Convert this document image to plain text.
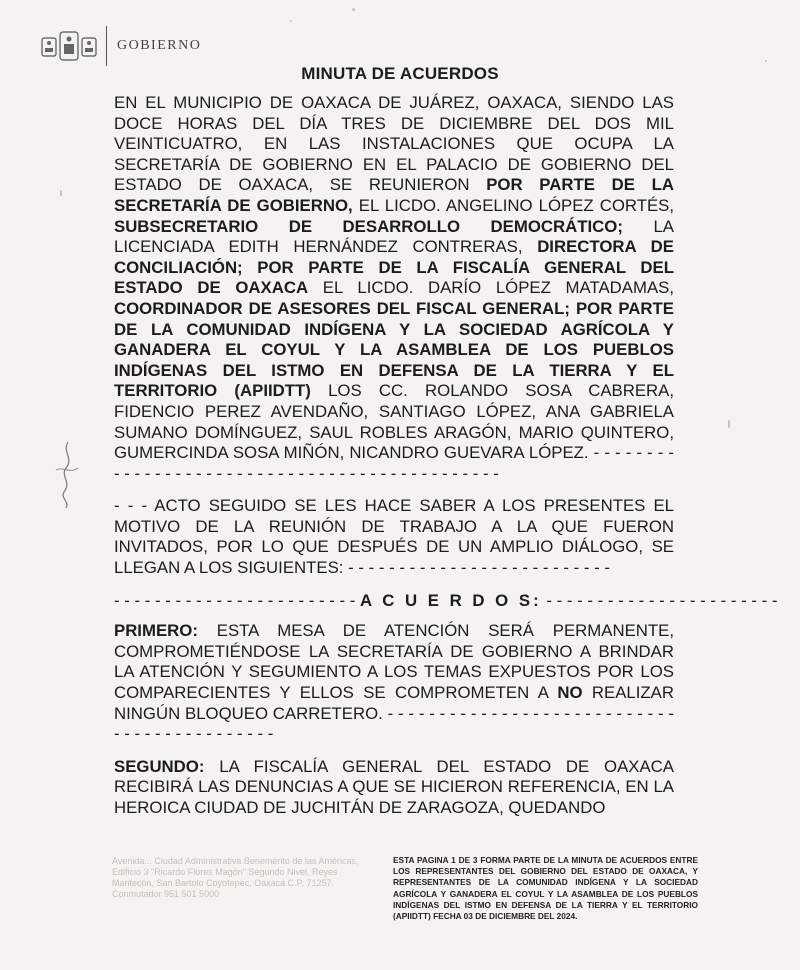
GOBIERNO
MINUTA DE ACUERDOS

EN EL MUNICIPIO DE OAXACA DE JUÁREZ, OAXACA, SIENDO LAS DOCE HORAS DEL DÍA TRES DE DICIEMBRE DEL DOS MIL VEINTICUATRO, EN LAS INSTALACIONES QUE OCUPA LA SECRETARÍA DE GOBIERNO EN EL PALACIO DE GOBIERNO DEL ESTADO DE OAXACA, SE REUNIERON POR PARTE DE LA SECRETARÍA DE GOBIERNO, EL LICDO. ANGELINO LÓPEZ CORTÉS, SUBSECRETARIO DE DESARROLLO DEMOCRÁTICO; LA LICENCIADA EDITH HERNÁNDEZ CONTRERAS, DIRECTORA DE CONCILIACIÓN; POR PARTE DE LA FISCALÍA GENERAL DEL ESTADO DE OAXACA EL LICDO. DARÍO LÓPEZ MATADAMAS, COORDINADOR DE ASESORES DEL FISCAL GENERAL; POR PARTE DE LA COMUNIDAD INDÍGENA Y LA SOCIEDAD AGRÍCOLA Y GANADERA EL COYUL Y LA ASAMBLEA DE LOS PUEBLOS INDÍGENAS DEL ISTMO EN DEFENSA DE LA TIERRA Y EL TERRITORIO (APIIDTT) LOS CC. ROLANDO SOSA CABRERA, FIDENCIO PEREZ AVENDAÑO, SANTIAGO LÓPEZ, ANA GABRIELA SUMANO DOMÍNGUEZ, SAUL ROBLES ARAGÓN, MARIO QUINTERO, GUMERCINDA SOSA MIÑÓN, NICANDRO GUEVARA LÓPEZ. - - - - - - - - - - - - - - - - - - - - - - - - - - - - - - - - - - - - - - - - - - - - - -

- - - ACTO SEGUIDO SE LES HACE SABER A LOS PRESENTES EL MOTIVO DE LA REUNIÓN DE TRABAJO A LA QUE FUERON INVITADOS, POR LO QUE DESPUÉS DE UN AMPLIO DIÁLOGO, SE LLEGAN A LOS SIGUIENTES: - - - - - - - - - - - - - - - - - - - - - - - - - -

- - - - - - - - - - - - - - - - - - - - - - - - A C U E R D O S: - - - - - - - - - - - - - - - - - - - - - - -

PRIMERO: ESTA MESA DE ATENCIÓN SERÁ PERMANENTE, COMPROMETIÉNDOSE LA SECRETARÍA DE GOBIERNO A BRINDAR LA ATENCIÓN Y SEGUMIENTO A LOS TEMAS EXPUESTOS POR LOS COMPARECIENTES Y ELLOS SE COMPROMETEN A NO REALIZAR NINGÚN BLOQUEO CARRETERO. - - - - - - - - - - - - - - - - - - - - - - - - - - - - - - - - - - - - - - - - - - - -

SEGUNDO: LA FISCALÍA GENERAL DEL ESTADO DE OAXACA RECIBIRÁ LAS DENUNCIAS A QUE SE HICIERON REFERENCIA, EN LA HEROICA CIUDAD DE JUCHITÁN DE ZARAGOZA, QUEDANDO

Avenida... Ciudad Administrativa Benemérito de las Américas, Edificio 3 "Ricardo Flores Magón" Segundo Nivel, Reyes Mantecón, San Bartolo Coyotepec, Oaxaca C.P. 71257. Conmutador 951 501 5000
ESTA PAGINA 1 DE 3 FORMA PARTE DE LA MINUTA DE ACUERDOS ENTRE LOS REPRESENTANTES DEL GOBIERNO DEL ESTADO DE OAXACA, Y REPRESENTANTES DE LA COMUNIDAD INDÍGENA Y LA SOCIEDAD AGRÍCOLA Y GANADERA EL COYUL Y LA ASAMBLEA DE LOS PUEBLOS INDÍGENAS DEL ISTMO EN DEFENSA DE LA TIERRA Y EL TERRITORIO (APIIDTT) FECHA 03 DE DICIEMBRE DEL 2024.
